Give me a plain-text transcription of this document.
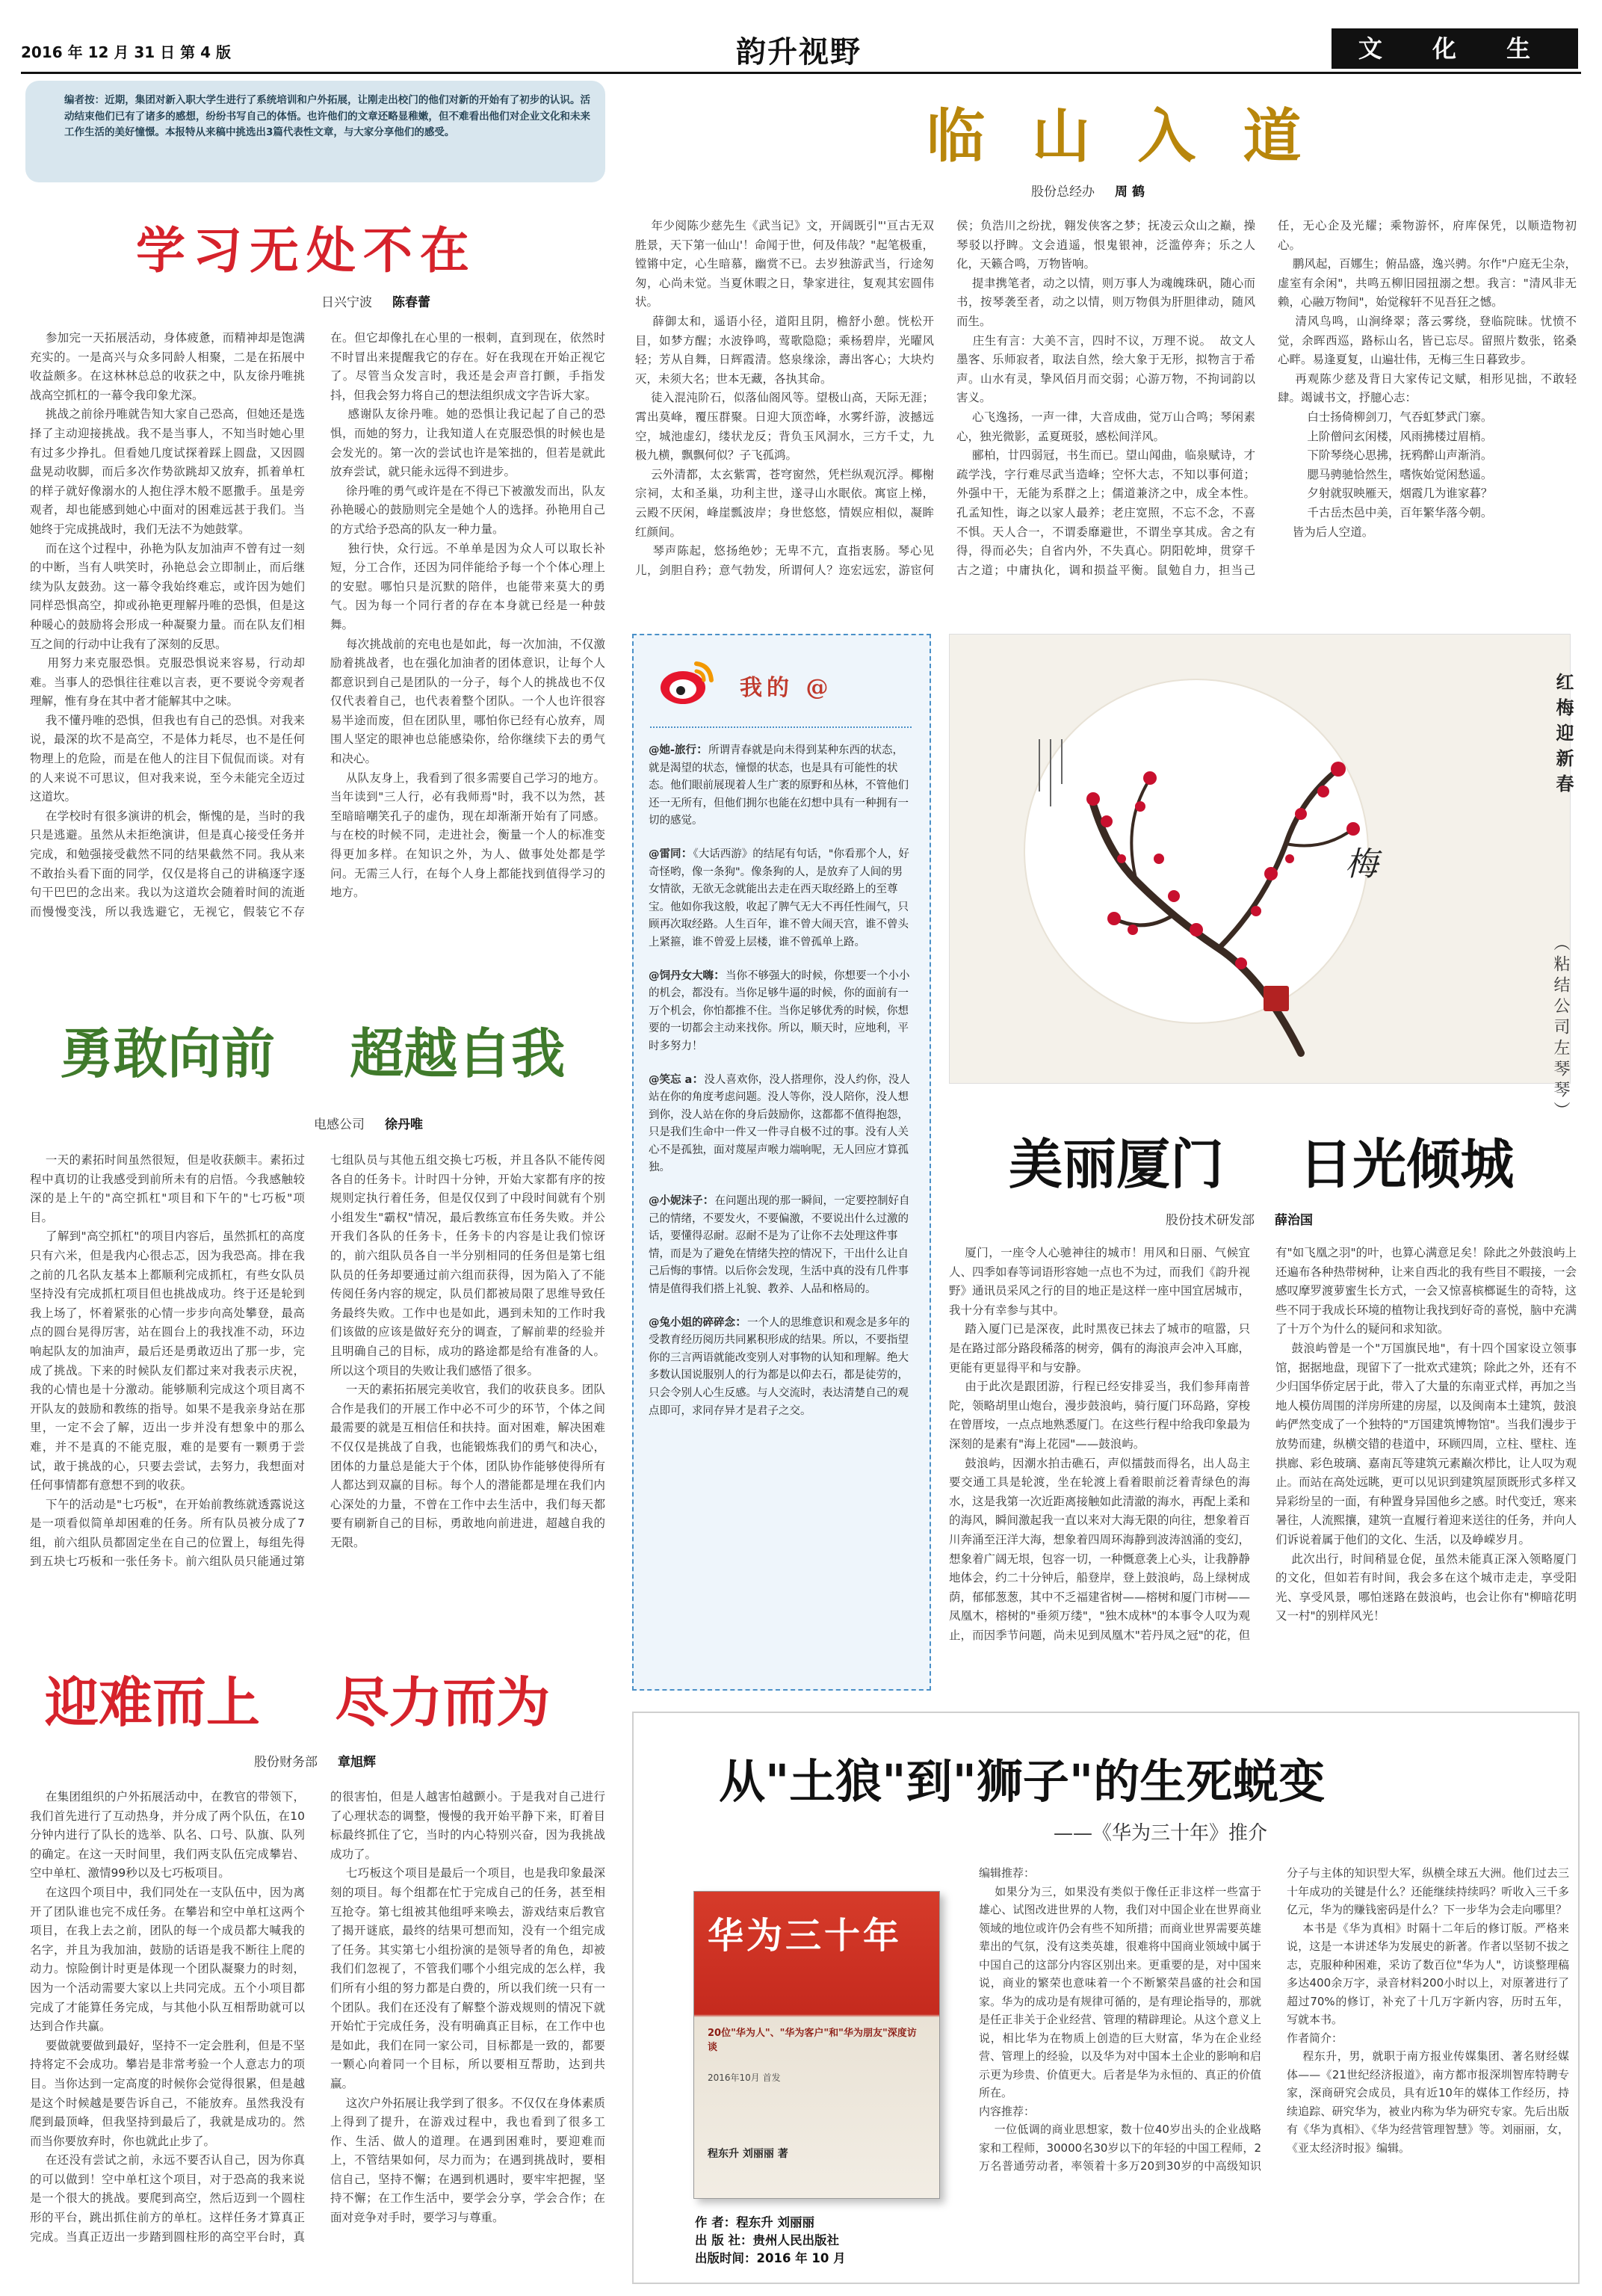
2016 年 12 月 31 日 第 4 版	韵升视野	文 化 生 活
编者按：近期，集团对新入职大学生进行了系统培训和户外拓展，让刚走出校门的他们对新的开始有了初步的认识。活动结束他们已有了诸多的感想，纷纷书写自己的体悟。也许他们的文章还略显稚嫩，但不难看出他们对企业文化和未来工作生活的美好憧憬。本报特从来稿中挑选出3篇代表性文章，与大家分享他们的感受。
学习无处不在
日兴宁波 陈春蕾
参加完一天拓展活动，身体疲惫，而精神却是饱满充实的。一是高兴与众多同龄人相聚，二是在拓展中收益颇多。在这林林总总的收获之中，队友徐丹唯挑战高空抓杠的一幕令我印象尤深。
挑战之前徐丹唯就告知大家自己恐高，但她还是选择了主动迎接挑战。我不是当事人，不知当时她心里有过多少挣扎。但看她几度试探着踩上圆盘，又因圆盘晃动收脚，而后多次作势欲跳却又放弃，抓着单杠的样子就好像溺水的人抱住浮木般不愿撒手。虽是旁观者，却也能感到她心中面对的困难远甚于我们。当她终于完成挑战时，我们无法不为她鼓掌。
而在这个过程中，孙艳为队友加油声不曾有过一刻的中断，当有人哄笑时，孙艳总会立即制止，而后继续为队友鼓劲。这一幕令我始终难忘，或许因为她们同样恐惧高空，抑或孙艳更理解丹唯的恐惧，但是这种暖心的鼓励将会形成一种凝聚力量。而在队友们相互之间的行动中让我有了深刻的反思。
用努力来克服恐惧。克服恐惧说来容易，行动却难。当事人的恐惧往往难以言表，更不要说令旁观者理解，惟有身在其中者才能解其中之味。
我不懂丹唯的恐惧，但我也有自己的恐惧。对我来说，最深的坎不是高空，不是体力耗尽，也不是任何物理上的危险，而是在他人的注目下侃侃而谈。对有的人来说不可思议，但对我来说，至今未能完全迈过这道坎。
在学校时有很多演讲的机会，惭愧的是，当时的我只是逃避。虽然从未拒绝演讲，但是真心接受任务并完成，和勉强接受截然不同的结果截然不同。我从来不敢抬头看下面的同学，仅仅是将自己的讲稿逐字逐句干巴巴的念出来。我以为这道坎会随着时间的流逝而慢慢变浅，所以我选避它，无视它，假装它不存在。但它却像扎在心里的一根刺，直到现在，依然时不时冒出来提醒我它的存在。好在我现在开始正视它了。尽管当众发言时，我还是会声音打颤，手指发抖，但我会努力将自己的想法组织成文字告诉大家。
感谢队友徐丹唯。她的恐惧让我记起了自己的恐惧，而她的努力，让我知道人在克服恐惧的时候也是会发光的。第一次的尝试也许是笨拙的，但若是就此放弃尝试，就只能永远得不到进步。
徐丹唯的勇气或许是在不得已下被激发而出，队友孙艳暖心的鼓励则完全是她个人的选择。孙艳用自己的方式给予恐高的队友一种力量。
独行快，众行远。不单单是因为众人可以取长补短，分工合作，还因为同伴能给予每一个个体心理上的安慰。哪怕只是沉默的陪伴，也能带来莫大的勇气。因为每一个同行者的存在本身就已经是一种鼓舞。
每次挑战前的充电也是如此，每一次加油，不仅激励着挑战者，也在强化加油者的团体意识，让每个人都意识到自己是团队的一分子，每个人的挑战也不仅仅代表着自己，也代表着整个团队。一个人也许很容易半途而废，但在团队里，哪怕你已经有心放弃，周围人坚定的眼神也总能感染你，给你继续下去的勇气和决心。
从队友身上，我看到了很多需要自己学习的地方。当年读到"三人行，必有我师焉"时，我不以为然，甚至暗暗嘲笑孔子的虚伪，现在却渐渐开始有了同感。与在校的时候不同，走进社会，衡量一个人的标准变得更加多样。在知识之外，为人、做事处处都是学问。无需三人行，在每个人身上都能找到值得学习的地方。
勇敢向前    超越自我
电感公司 徐丹唯
一天的素拓时间虽然很短，但是收获颇丰。素拓过程中真切的让我感受到前所未有的启悟。今我感触较深的是上午的"高空抓杠"项目和下午的"七巧板"项目。
了解到"高空抓杠"的项目内容后，虽然抓杠的高度只有六米，但是我内心很忐忑，因为我恐高。排在我之前的几名队友基本上都顺利完成抓杠，有些女队员坚持没有完成抓杠项目但也挑战成功。终于还是轮到我上场了，怀着紧张的心情一步步向高处攀登，最高点的圆台晃得厉害，站在圆台上的我找准不动，环边响起队友的加油声，最后还是勇敢迈出了那一步，完成了挑战。下来的时候队友们都过来对我表示庆祝，我的心情也是十分激动。能够顺利完成这个项目离不开队友的鼓励和教练的指导。如果不是我亲身站在那里，一定不会了解，迈出一步并没有想象中的那么难，并不是真的不能克服，难的是要有一颗勇于尝试，敢于挑战的心，只要去尝试，去努力，我想面对任何事情都有意想不到的收获。
下午的活动是"七巧板"，在开始前教练就透露说这是一项看似简单却困难的任务。所有队员被分成了7组，前六组队员都固定坐在自己的位置上，每组先得到五块七巧板和一张任务卡。前六组队员只能通过第七组队员与其他五组交换七巧板，并且各队不能传阅各自的任务卡。计时四十分钟，开始大家都有序的按规则定执行着任务，但是仅仅到了中段时间就有个别小组发生"霸权"情况，最后教练宣布任务失败。并公开我们各队的任务卡，任务卡的内容是让我们惊讶的，前六组队员各自一半分别相同的任务但是第七组队员的任务却要通过前六组而获得，因为陷入了不能传阅任务内容的规定，队员们都被局限了思维导致任务最终失败。工作中也是如此，遇到未知的工作时我们该做的应该是做好充分的调查，了解前辈的经验并且明确自己的目标，成功的路途都是给有准备的人。所以这个项目的失败让我们感悟了很多。
一天的素拓拓展完美收官，我们的收获良多。团队合作是我们的开展工作中必不可少的环节，个体之间最需要的就是互相信任和扶持。面对困难，解决困难不仅仅是挑战了自我，也能锻炼我们的勇气和决心，团体的力量总是能大于个体，团队协作能够使得所有人都达到双赢的目标。每个人的潜能都是埋在我们内心深处的力量，不曾在工作中去生活中，我们每天都要有刷新自己的目标，勇敢地向前进进，超越自我的无限。
迎难而上    尽力而为
股份财务部 章旭辉
在集团组织的户外拓展活动中，在教官的带领下，我们首先进行了互动热身，并分成了两个队伍，在10分钟内进行了队长的选举、队名、口号、队旗、队列的确定。在这一天时间里，我们两支队伍完成攀岩、空中单杠、激情99秒以及七巧板项目。
在这四个项目中，我们同处在一支队伍中，因为离开了团队谁也完不成任务。在攀岩和空中单杠这两个项目，在我上去之前，团队的每一个成员都大喊我的名字，并且为我加油，鼓励的话语是我不断往上爬的动力。惊险倒计时更是体现一个团队凝聚力的时刻，因为一个活动需要大家以上共同完成。五个小项目都完成了才能算任务完成，与其他小队互相帮助就可以达到合作共赢。
要做就要做到最好，坚持不一定会胜利，但是不坚持将定不会成功。攀岩是非常考验一个人意志力的项目。当你达到一定高度的时候你会觉得很累，但是越是这个时候越是要告诉自己，不能放弃。虽然我没有爬到最顶峰，但我坚持到最后了，我就是成功的。然而当你要放弃时，你也就此止步了。
在还没有尝试之前，永远不要否认自己，因为你真的可以做到！空中单杠这个项目，对于恐高的我来说是一个很大的挑战。要爬到高空，然后迈到一个圆柱形的平台，跳出抓住前方的单杠。这样任务才算真正完成。当真正迈出一步踏到圆柱形的高空平台时，真的很害怕，但是人越害怕越颤小。于是我对自己进行了心理状态的调整，慢慢的我开始平静下来，盯着目标最终抓住了它，当时的内心特别兴奋，因为我挑战成功了。
七巧板这个项目是最后一个项目，也是我印象最深刻的项目。每个组都在忙于完成自己的任务，甚至相互抢夺。第七组被其他组呼来唤去，游戏结束后教官了揭开谜底，最终的结果可想而知，没有一个组完成了任务。其实第七小组扮演的是领导者的角色，却被我们们忽视了，不管我们哪个小组完成的怎么样，我们所有小组的努力都是白费的，所以我们统一只有一个团队。我们在还没有了解整个游戏规则的情况下就开始忙于完成任务，没有明确真正目标，在工作中也是如此，我们在同一家公司，目标都是一致的，都要一颗心向着同一个目标，所以要相互帮助，达到共赢。
这次户外拓展让我学到了很多。不仅仅在身体素质上得到了提升，在游戏过程中，我也看到了很多工作、生活、做人的道理。在遇到困难时，要迎难而上，不管结果如何，尽力而为；在遇到挑战时，要相信自己，坚持不懈；在遇到机遇时，要牢牢把握，坚持不懈；在工作生活中，要学会分享，学会合作；在面对竞争对手时，要学习与尊重。
临 山 入 道
股份总经办 周 鹤
年少阅陈少慈先生《武当记》文，开阔既引"'亘古无双胜景，天下第一仙山'！命闻于世，何及伟哉？"起笔极重，镗锵中定，心生暗慕，幽赏不已。去岁独游武当，行途匆匆，心尚未觉。当夏休暇之日，挚家进往，复观其宏圆伟状。
薛御太和，遥语小径，道阳且阴，檐舒小憩。恍松开目，如梦方醒；水波铮鸣，莺歌隐隐；乘杨碧岸，光曜风轻；芳从自舞，日辉霞清。悠泉缘涂，壽出客心；大块灼灭，未须大名；世本无藏，各执其命。
徒入混沌阶石，似落仙阁风等。望极山高，天际无涯；霄出莫峰，覆压群聚。日迎大顶峦峰，水雾纤游，波撼远空，城池虚幻，缕状龙反；背负玉风洞水，三方千丈，九极九横，飘飘何似？子飞孤鸿。
云外清都，太玄紫霄，苍穹窗然，凭栏纵观沉浮。椰榭宗祠，太和圣巢，功利主世，遂寻山水眠依。寓宦上梯，云殿不厌闲，峰崖瓢波岸；身世悠悠，情娱应相似，凝眸红颜间。
琴声陈起，悠扬绝妙；无卑不亢，直指衷肠。琴心见儿，剑胆自矜；意气勃发，所谓何人？迩宏远宏，游宦何侯；负浩川之纷扰，翱发侠客之梦；抚凌云众山之巅，操琴驳以抒睥。文会逍遥，恨鬼银神，泛滥停奔；乐之人化，天籁合鸣，万物皆响。
提聿携笔者，动之以情，则万事人为魂魄珠矾，随心而书，按琴袭至者，动之以情，则万物俱为肝胆律动，随风而生。
庄生有言：大美不言，四时不议，万理不说。  故文人墨客、乐师寂者，取法自然，绘大象于无形，拟物言于希声。山水有灵，挚风佰月而交弱；心游万物，不拘词韵以害义。
心飞逸扬，一声一律，大音成曲，觉万山合鸣；琴闲素心，独光微影，孟夏斑驳，感松间洋风。
郦柏，廿四弱冠，书生而已。望山闻曲，临泉赋诗，才疏学浅，字行难尽武当造峰；空怀大志，不知以事何道；外强中干，无能为系群之上；儒道兼济之中，成全本性。孔孟知性，诲之以家人最养；老庄宽照，不忘不念，不喜不惧。天人合一，不谓委靡避世，不谓坐享其成。舍之有得，得而必失；自省内外，不失真心。阴阳乾坤，贯穿千古之道；中庸执化，调和损益平衡。鼠勉自力，担当己任，无心企及光耀；乘物游怀，府库保凭，以顺造物初心。
鹏风起，百娜生；俯品盛，逸兴骋。尔作"户庭无尘杂，虚室有余闲"，共鸣五柳旧园扭溺之想。我言："清风非无赖，心融万物间"，始觉稼轩不见吾狂之憾。
清风鸟鸣，山涧绛翠；落云雾绕，登临院昧。忧愤不觉，余晖西巡，路标山名，皆已忘尽。留照片数张，铭桑心畔。易逢夏复，山遍壮伟，无梅三生日暮致步。
再观陈少慈及背日大家传记文赋，相形见拙，不敢轻肆。竭诚书文，抒臆心志：
白士扬倚柳剑刀，气吞虹梦武门寨。
上阶僧问玄闲楼，风雨拂楼过眉梢。
下阶琴绕心思拂，抚鸦醉山声渐消。
腮马骋驰恰然生，嗜恢始觉闲愁遥。
夕射就驭映雁天，烟霞几为谁家暮？
千古岳杰邑中美，百年繁华落今朝。
皆为后人空道。
我的 @
@她-旅行：所谓青春就是向未得到某种东西的状态，就是渴望的状态，憧憬的状态，也是具有可能性的状态。他们眼前展现着人生广袤的原野和丛林，不管他们还一无所有，但他们拥尔也能在幻想中具有一种拥有一切的感觉。
@雷同：《大话西游》的结尾有句话，"你看那个人，好奇怪哟，像一条狗"。像条狗的人，是放弃了人间的男女情欲，无欲无念就能出去走在西天取经路上的至尊宝。他如你我这般，收起了脾气无大不再任性闹气，只顾再次取经路。人生百年，谁不曾大闹天宫，谁不曾头上紧箍，谁不曾爱上层楼，谁不曾孤单上路。
@饲丹女大嗨：当你不够强大的时候，你想要一个小小的机会，都没有。当你足够牛逼的时候，你的面前有一万个机会，你怕都推不住。当你足够优秀的时候，你想要的一切都会主动来找你。所以，顺天时，应地利，平时多努力！
@笑忘 a：没人喜欢你，没人搭理你，没人约你，没人站在你的角度考虑问题。没人等你，没人陪你，没人想到你，没人站在你的身后鼓励你，这都都不值得抱怨，只是我们生命中一件又一件寻自极不过的事。没有人关心不是孤独，面对蔑屋声喉力端响呢，无人回应才算孤独。
@小妮沫子：在问题出现的那一瞬间，一定要控制好自己的情绪，不要发火，不要偏激，不要说出什么过激的话，要懂得忍耐。忍耐不是为了让你不去处理这件事情，而是为了避免在情绪失控的情况下，干出什么让自己后悔的事情。以后你会发现，生活中真的没有几件事情是值得我们搭上礼貌、教养、人品和格局的。
@兔小姐的碎碎念：一个人的思维意识和观念是多年的受教育经历阅历共同累积形成的结果。所以，不要指望你的三言两语就能改变别人对事物的认知和理解。绝大多数认国说服别人的行为都是以仰去石，都是徒劳的，只会令别人心生反感。与人交流时，表达清楚自己的观点即可，求同存异才是君子之交。
梅
红梅迎新春
（粘结公司
左琴琴）
美丽厦门    日光倾城
股份技术研发部 薛治国
厦门，一座令人心驰神往的城市！用风和日丽、气候宜人、四季如春等词语形容她一点也不为过，而我们《韵升视野》通讯员采风之行的目的地正是这样一座中国宜居城市，我十分有幸参与其中。
踏入厦门已是深夜，此时黑夜已抹去了城市的喧嚣，只是在路过部分路段稀落的树旁，偶有的海浪声会冲入耳廊，更能有更显得平和与安静。
由于此次是跟团游，行程已经安排妥当，我们参拜南普陀，领略胡里山炮台，漫步鼓浪屿，骑行厦门环岛路，穿梭在曾厝垵，一点点地熟悉厦门。在这些行程中给我印象最为深刻的是素有"海上花园"——鼓浪屿。
鼓浪屿，因潮水拍击礁石，声似擂鼓而得名，出人岛主要交通工具是轮渡，坐在轮渡上看着眼前泛着青绿色的海水，这是我第一次近距离接触如此清澈的海水，再配上柔和的海风，瞬间激起我一直以来对大海无限的向往，想象着百川奔涌至汪洋大海，想象着四周环海静到波涛汹涌的变幻，想象着广阔无垠，包容一切，一种慨意袭上心头，让我静静地体会，约二十分钟后，船登岸，登上鼓浪屿，岛上绿树成荫，郁郁葱葱，其中不乏福建省树——榕树和厦门市树——凤凰木，榕树的"垂须万缕"，"独木成林"的本事令人叹为观止，而因季节问题，尚未见到凤凰木"若丹凤之冠"的花，但有"如飞凰之羽"的叶，也算心满意足矣！除此之外鼓浪屿上还遍布各种热带树种，让来自西北的我有些目不暇接，一会感叹摩罗渡萝蜜生长方式，一会又惊喜槟榔诞生的奇特，这些不同于我成长环境的植物让我找到好奇的喜悦，脑中充满了十万个为什么的疑问和求知欲。
鼓浪屿曾是一个"万国旗民地"，有十四个国家设立领事馆，据据地盘，现留下了一批欢式建筑；除此之外，还有不少归国华侨定居于此，带入了大量的东南亚式样，再加之当地人模仿周围的洋房所建的房屋，以及闽南本土建筑，鼓浪屿俨然变成了一个独特的"万国建筑博物馆"。当我们漫步于放势而建，纵横交错的巷道中，环顾四周，立柱、壁柱、连拱廊、彩色玻璃、嘉南瓦等建筑元素巅次栉比，让人叹为观止。而站在高处远眺，更可以见识到建筑屋顶既形式多样又异彩纷呈的一面，有种置身异国他乡之感。时代变迁，寒来暑往，人流熙攘，建筑一直履行着迎来送往的任务，并向人们诉说着属于他们的文化、生活，以及峥嵘岁月。
此次出行，时间稍显仓促，虽然未能真正深入领略厦门的文化，但如若有时间，我会多在这个城市走走，享受阳光、享受风景，哪怕迷路在鼓浪屿，也会让你有"柳暗花明又一村"的别样风光！
从"土狼"到"狮子"的生死蜕变
——《华为三十年》推介
华为三十年
20位"华为人"、"华为客户"和"华为朋友"深度访谈
2016年10月 首发
程东升 刘丽丽 著
作 者：程东升 刘丽丽
出 版 社：贵州人民出版社
出版时间：2016 年 10 月
编辑推荐：
如果分为三，如果没有类似于像任正非这样一些富于雄心、试图改进世界的人物，我们对中国企业在世界商业领域的地位或许仍会有些不知所措；而商业世界需要英雄辈出的气氛，没有这类英雄，很难将中国商业领域中属于中国自己的这部分内容区别出来。更重要的是，对中国来说，商业的繁荣也意味着一个不断繁荣昌盛的社会和国家。华为的成功是有规律可循的，是有理论指导的，那就是任正非关于企业经营、管理的精辟理论。从这个意义上说，相比华为在物质上创造的巨大财富，华为在企业经营、管理上的经验，以及华为对中国本土企业的影响和启示更为珍贵、价值更大。后者是华为永恒的、真正的价值所在。
内容推荐：
一位低调的商业思想家，数十位40岁出头的企业战略家和工程师，30000名30岁以下的年轻的中国工程师，2万名普通劳动者，率领着十多万20到30岁的中高级知识分子与主体的知识型大军，纵横全球五大洲。他们过去三十年成功的关键是什么？还能继续持续吗？听收入三千多亿元，华为的赚钱密码是什么？下一步华为会走向哪里？
本书是《华为真相》时隔十二年后的修订版。严格来说，这是一本讲述华为发展史的新著。作者以坚韧不拔之志，克服种种困难，采访了数百位"华为人"，访谈整理稿多达400余万字，录音材料200小时以上，对原著进行了超过70%的修订，补充了十几万字新内容，历时五年，写就本书。
作者简介：
程东升，男，就职于南方报业传媒集团、著名财经媒体——《21世纪经济报道》，南方都市报深圳智库特聘专家，深商研究会成员，具有近10年的媒体工作经历，持续追踪、研究华为，被业内称为华为研究专家。先后出版有《华为真相》、《华为经营管理智慧》等。刘丽丽，女，《亚太经济时报》编辑。
